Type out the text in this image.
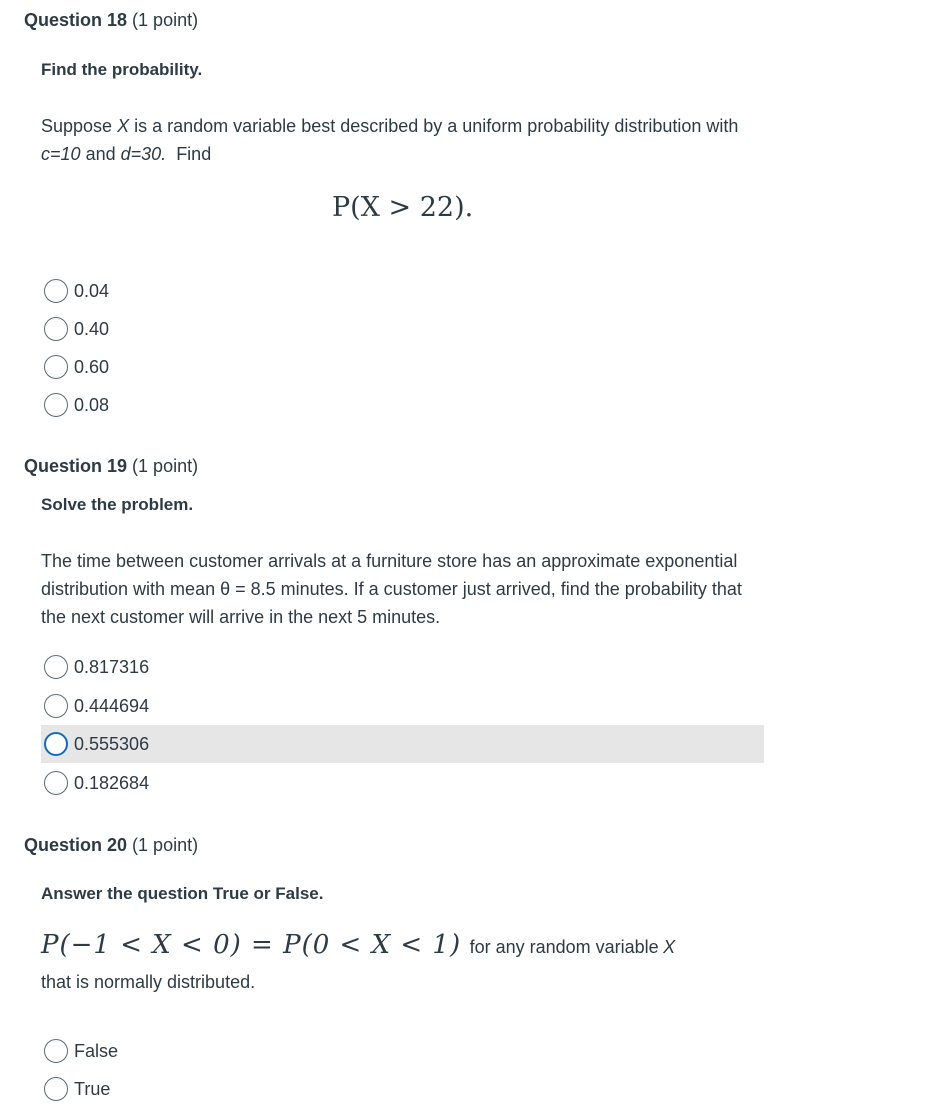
Question 18 (1 point)
Find the probability.
Suppose X is a random variable best described by a uniform probability distribution with c=10 and d=30. Find
P(X > 22).
0.04
0.40
0.60
0.08
Question 19 (1 point)
Solve the problem.
The time between customer arrivals at a furniture store has an approximate exponential distribution with mean θ = 8.5 minutes. If a customer just arrived, find the probability that the next customer will arrive in the next 5 minutes.
0.817316
0.444694
0.555306
0.182684
Question 20 (1 point)
Answer the question True or False.
P(−1 < X < 0) = P(0 < X < 1) for any random variable X
that is normally distributed.
False
True
